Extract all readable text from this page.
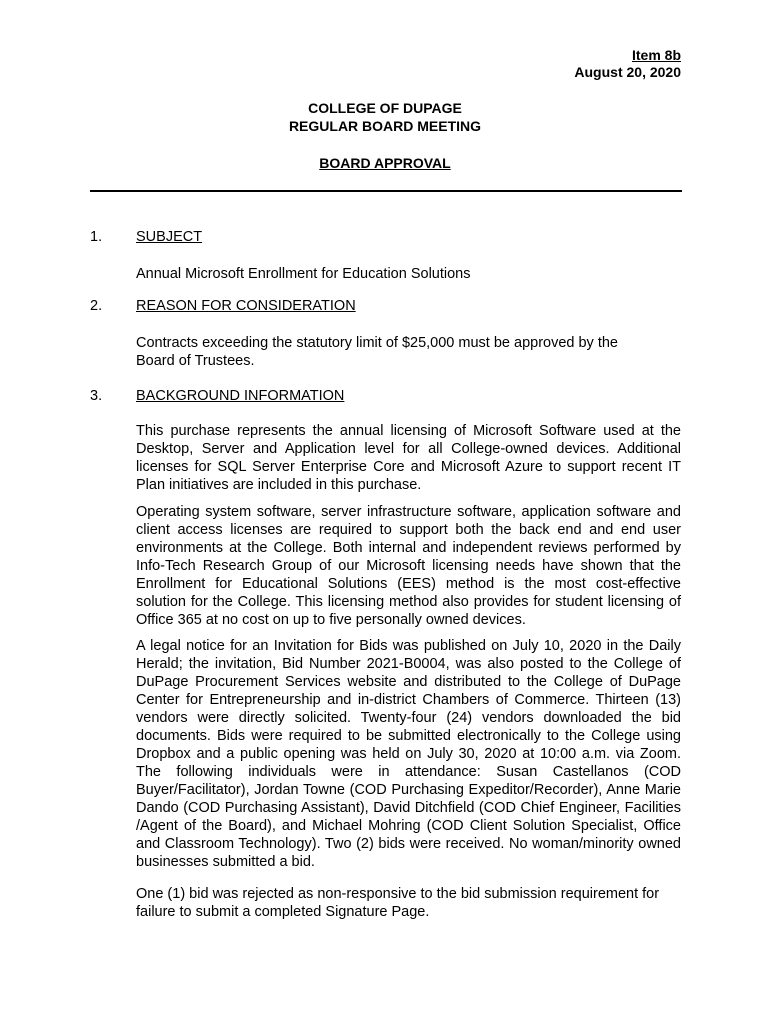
Item 8b
August 20, 2020
COLLEGE OF DUPAGE
REGULAR BOARD MEETING
BOARD APPROVAL
1. SUBJECT
Annual Microsoft Enrollment for Education Solutions
2. REASON FOR CONSIDERATION
Contracts exceeding the statutory limit of $25,000 must be approved by the Board of Trustees.
3. BACKGROUND INFORMATION
This purchase represents the annual licensing of Microsoft Software used at the Desktop, Server and Application level for all College-owned devices. Additional licenses for SQL Server Enterprise Core and Microsoft Azure to support recent IT Plan initiatives are included in this purchase.
Operating system software, server infrastructure software, application software and client access licenses are required to support both the back end and end user environments at the College. Both internal and independent reviews performed by Info-Tech Research Group of our Microsoft licensing needs have shown that the Enrollment for Educational Solutions (EES) method is the most cost-effective solution for the College. This licensing method also provides for student licensing of Office 365 at no cost on up to five personally owned devices.
A legal notice for an Invitation for Bids was published on July 10, 2020 in the Daily Herald; the invitation, Bid Number 2021-B0004, was also posted to the College of DuPage Procurement Services website and distributed to the College of DuPage Center for Entrepreneurship and in-district Chambers of Commerce. Thirteen (13) vendors were directly solicited. Twenty-four (24) vendors downloaded the bid documents. Bids were required to be submitted electronically to the College using Dropbox and a public opening was held on July 30, 2020 at 10:00 a.m. via Zoom. The following individuals were in attendance: Susan Castellanos (COD Buyer/Facilitator), Jordan Towne (COD Purchasing Expeditor/Recorder), Anne Marie Dando (COD Purchasing Assistant), David Ditchfield (COD Chief Engineer, Facilities /Agent of the Board), and Michael Mohring (COD Client Solution Specialist, Office and Classroom Technology). Two (2) bids were received. No woman/minority owned businesses submitted a bid.
One (1) bid was rejected as non-responsive to the bid submission requirement for failure to submit a completed Signature Page.
